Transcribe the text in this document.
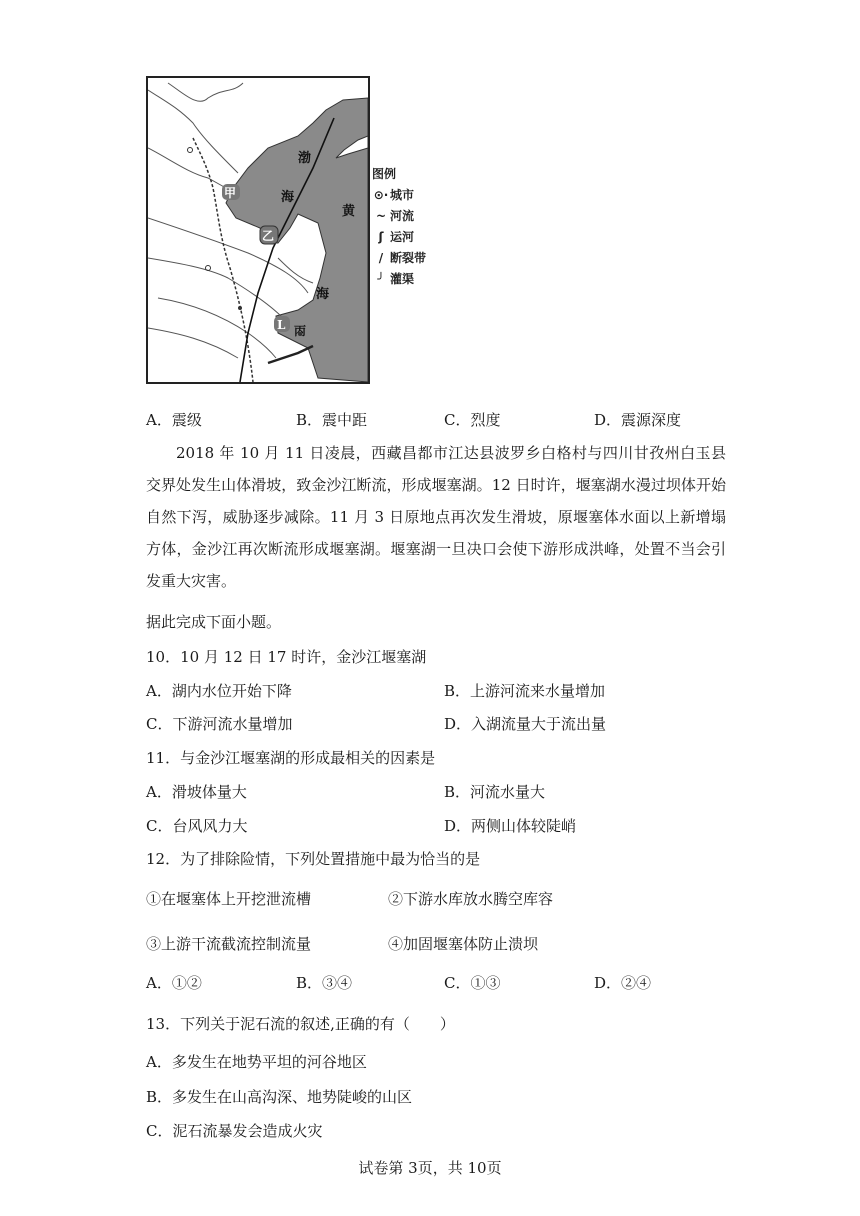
渤
海
黄
海
甲
乙
L 丙
图例
⊙· 城市
~ 河流
ʃ 运河
/ 断裂带
╯ 灌渠
A．震级	B．震中距	C．烈度	D．震源深度
2018 年 10 月 11 日凌晨，西藏昌都市江达县波罗乡白格村与四川甘孜州白玉县交界处发生山体滑坡，致金沙江断流，形成堰塞湖。12 日时许，堰塞湖水漫过坝体开始自然下泻，威胁逐步减除。11 月 3 日原地点再次发生滑坡，原堰塞体水面以上新增塌方体，金沙江再次断流形成堰塞湖。堰塞湖一旦决口会使下游形成洪峰，处置不当会引发重大灾害。
据此完成下面小题。
10．10 月 12 日 17 时许，金沙江堰塞湖
A．湖内水位开始下降	B．上游河流来水量增加
C．下游河流水量增加	D．入湖流量大于流出量
11．与金沙江堰塞湖的形成最相关的因素是
A．滑坡体量大	B．河流水量大
C．台风风力大	D．两侧山体较陡峭
12．为了排除险情，下列处置措施中最为恰当的是
①在堰塞体上开挖泄流槽	②下游水库放水腾空库容
③上游干流截流控制流量	④加固堰塞体防止溃坝
A．①②	B．③④	C．①③	D．②④
13．下列关于泥石流的叙述,正确的有（　　）
A．多发生在地势平坦的河谷地区
B．多发生在山高沟深、地势陡峻的山区
C．泥石流暴发会造成火灾
试卷第 3页，共 10页
